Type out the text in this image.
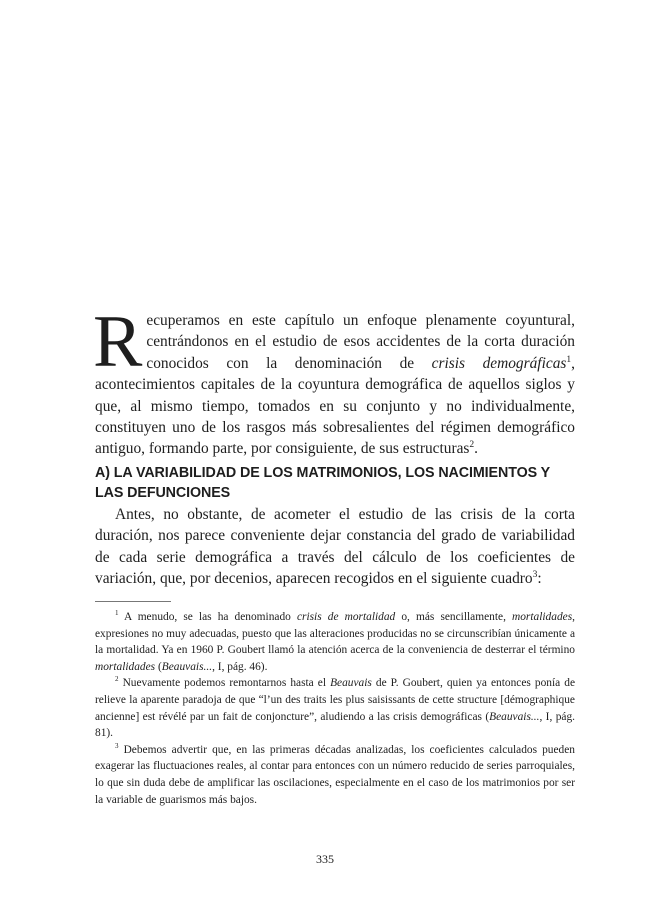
Recuperamos en este capítulo un enfoque plenamente coyuntural, centrándonos en el estudio de esos accidentes de la corta duración conocidos con la denominación de crisis demográficas$^1$, acontecimientos capitales de la coyuntura demográfica de aquellos siglos y que, al mismo tiempo, tomados en su conjunto y no individualmente, constituyen uno de los rasgos más sobresalientes del régimen demográfico antiguo, formando parte, por consiguiente, de sus estructuras$^2$.

A) LA VARIABILIDAD DE LOS MATRIMONIOS, LOS NACIMIENTOS Y LAS DEFUNCIONES

Antes, no obstante, de acometer el estudio de las crisis de la corta duración, nos parece conveniente dejar constancia del grado de variabilidad de cada serie demográfica a través del cálculo de los coeficientes de variación, que, por decenios, aparecen recogidos en el siguiente cuadro$^3$:

$^1$ A menudo, se las ha denominado crisis de mortalidad o, más sencillamente, mortalidades, expresiones no muy adecuadas, puesto que las alteraciones producidas no se circunscribían únicamente a la mortalidad. Ya en 1960 P. Goubert llamó la atención acerca de la conveniencia de desterrar el término mortalidades (Beauvais..., I, pág. 46).

$^2$ Nuevamente podemos remontarnos hasta el Beauvais de P. Goubert, quien ya entonces ponía de relieve la aparente paradoja de que “l’un des traits les plus saisissants de cette structure [démographique ancienne] est révélé par un fait de conjoncture”, aludiendo a las crisis demográficas (Beauvais..., I, pág. 81).

$^3$ Debemos advertir que, en las primeras décadas analizadas, los coeficientes calculados pueden exagerar las fluctuaciones reales, al contar para entonces con un número reducido de series parroquiales, lo que sin duda debe de amplificar las oscilaciones, especialmente en el caso de los matrimonios por ser la variable de guarismos más bajos.

335
